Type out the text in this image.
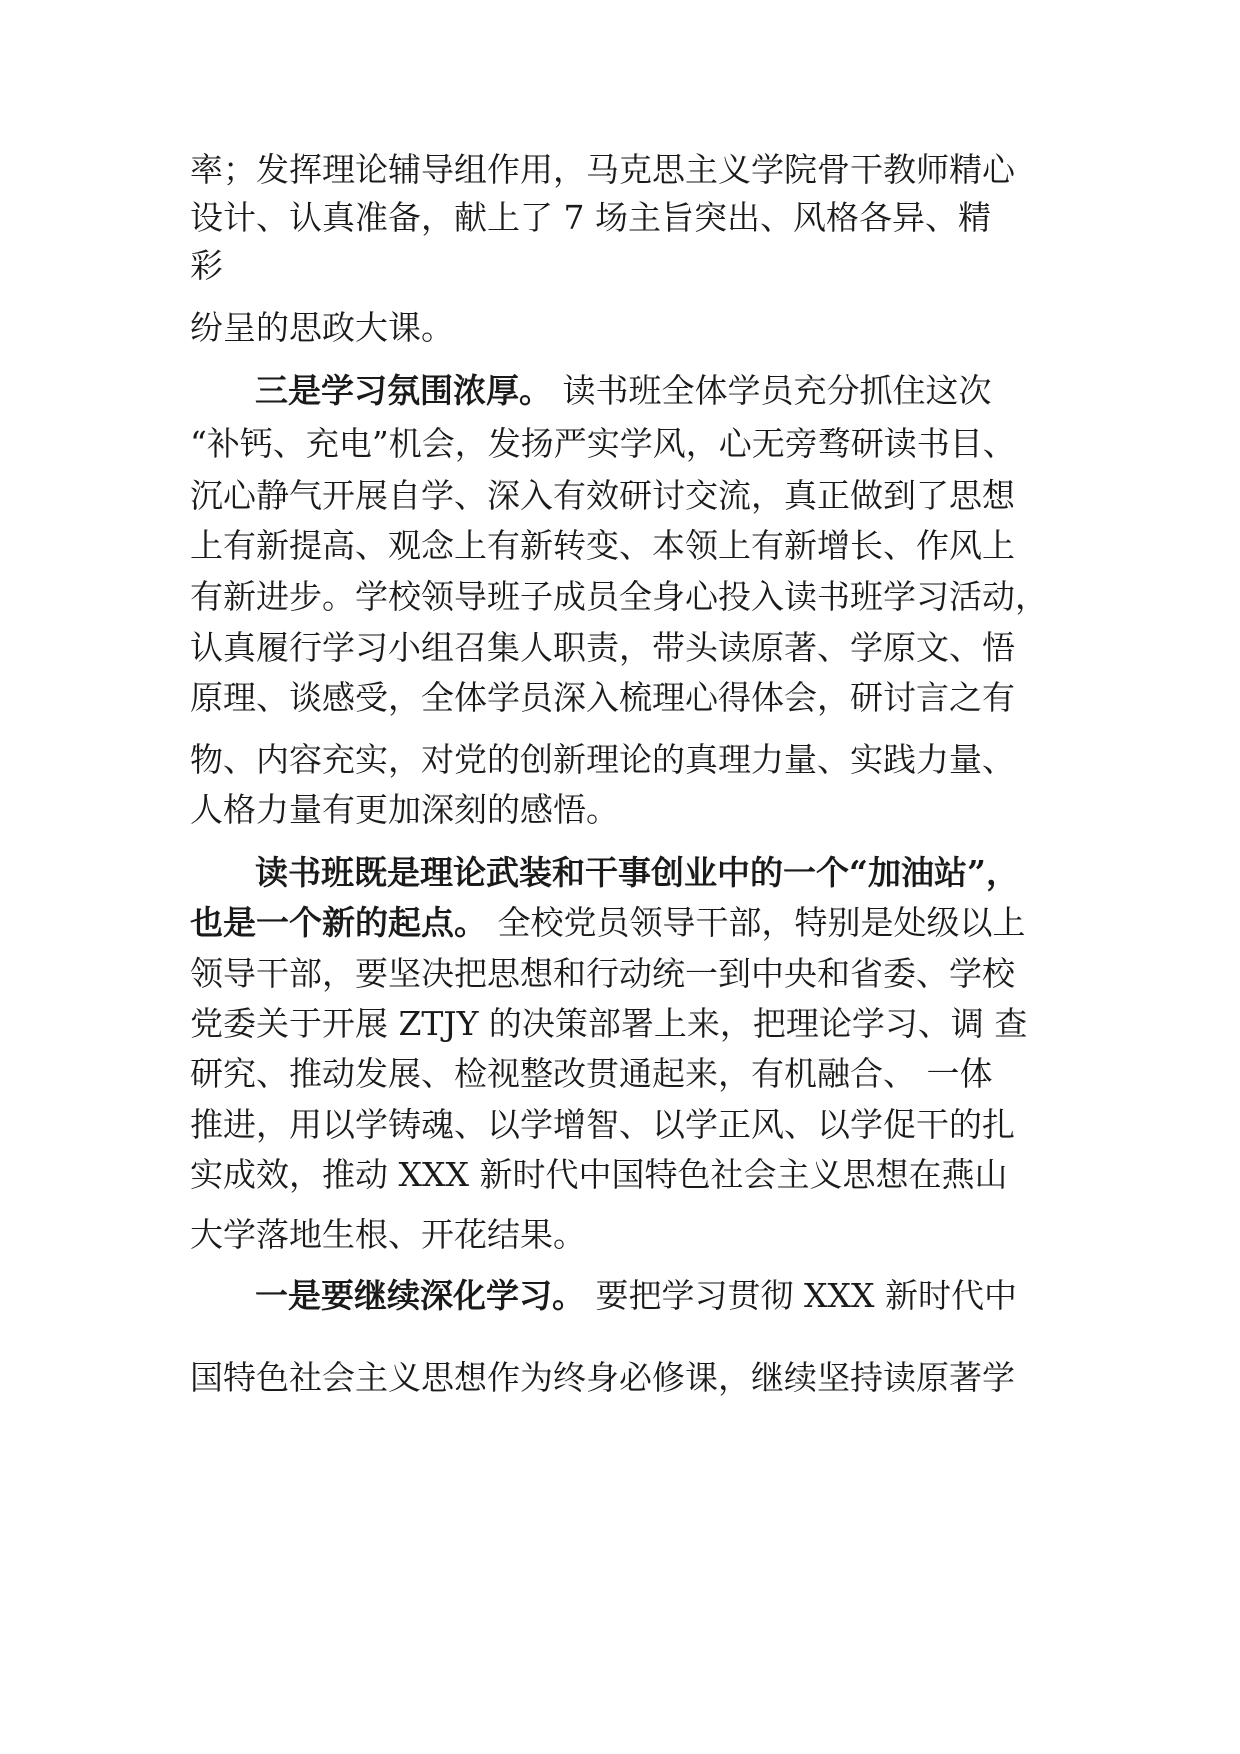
率；发挥理论辅导组作用，马克思主义学院骨干教师精心
设计、认真准备，献上了 7 场主旨突出、风格各异、精
彩
纷呈的思政大课。
三是学习氛围浓厚。 读书班全体学员充分抓住这次
“补钙、充电”机会，发扬严实学风，心无旁骛研读书目、
沉心静气开展自学、深入有效研讨交流，真正做到了思想
上有新提高、观念上有新转变、本领上有新增长、作风上
有新进步。学校领导班子成员全身心投入读书班学习活动，
认真履行学习小组召集人职责，带头读原著、学原文、悟
原理、谈感受，全体学员深入梳理心得体会，研讨言之有
物、内容充实，对党的创新理论的真理力量、实践力量、
人格力量有更加深刻的感悟。
读书班既是理论武装和干事创业中的一个“加油站”，
也是一个新的起点。 全校党员领导干部，特别是处级以上
领导干部，要坚决把思想和行动统一到中央和省委、学校
党委关于开展 ZTJY 的决策部署上来，把理论学习、调 查
研究、推动发展、检视整改贯通起来，有机融合、 一体
推进，用以学铸魂、以学增智、以学正风、以学促干的扎
实成效，推动 XXX 新时代中国特色社会主义思想在燕山
大学落地生根、开花结果。
一是要继续深化学习。 要把学习贯彻 XXX 新时代中
国特色社会主义思想作为终身必修课，继续坚持读原著学
